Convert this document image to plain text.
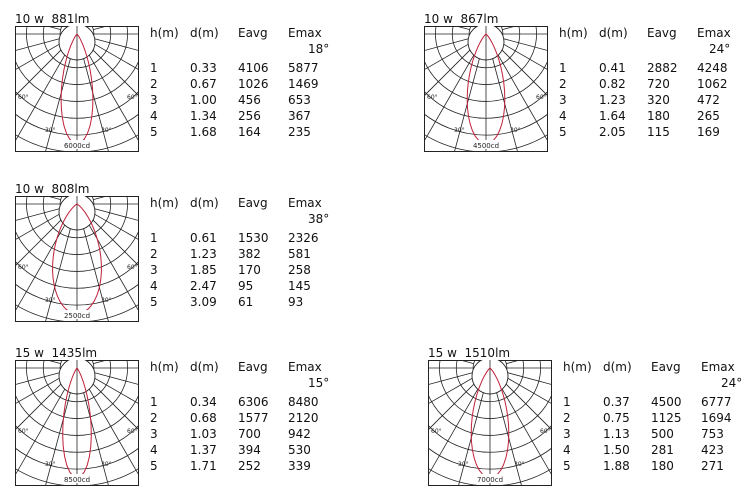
10 w  881lm
60°	60°
30°	30°
6000cd
h(m) d(m) Eavg Emax
18°
1	0.33 4106 5877
2	0.67 1026 1469
3	1.00 456 653
4	1.34 256 367
5	1.68 164 235
10 w  867lm
60°	60°
30°	30°
4500cd
h(m) d(m) Eavg Emax
24°
1	0.41 2882 4248
2	0.82 720 1062
3	1.23 320 472
4	1.64 180 265
5	2.05 115 169
10 w  808lm
60°	60°
30°	30°
2500cd
h(m) d(m) Eavg Emax
38°
1	0.61 1530 2326
2	1.23 382 581
3	1.85 170 258
4	2.47 95	145
5	3.09 61	93
15 w  1435lm
60°	60°
30°	30°
8500cd
h(m) d(m) Eavg Emax
15°
1	0.34 6306 8480
2	0.68 1577 2120
3	1.03 700 942
4	1.37 394 530
5	1.71 252 339
15 w  1510lm
60°	60°
30°	30°
7000cd
h(m) d(m) Eavg Emax
24°
1	0.37 4500 6777
2	0.75 1125 1694
3	1.13 500 753
4	1.50 281 423
5	1.88 180 271
